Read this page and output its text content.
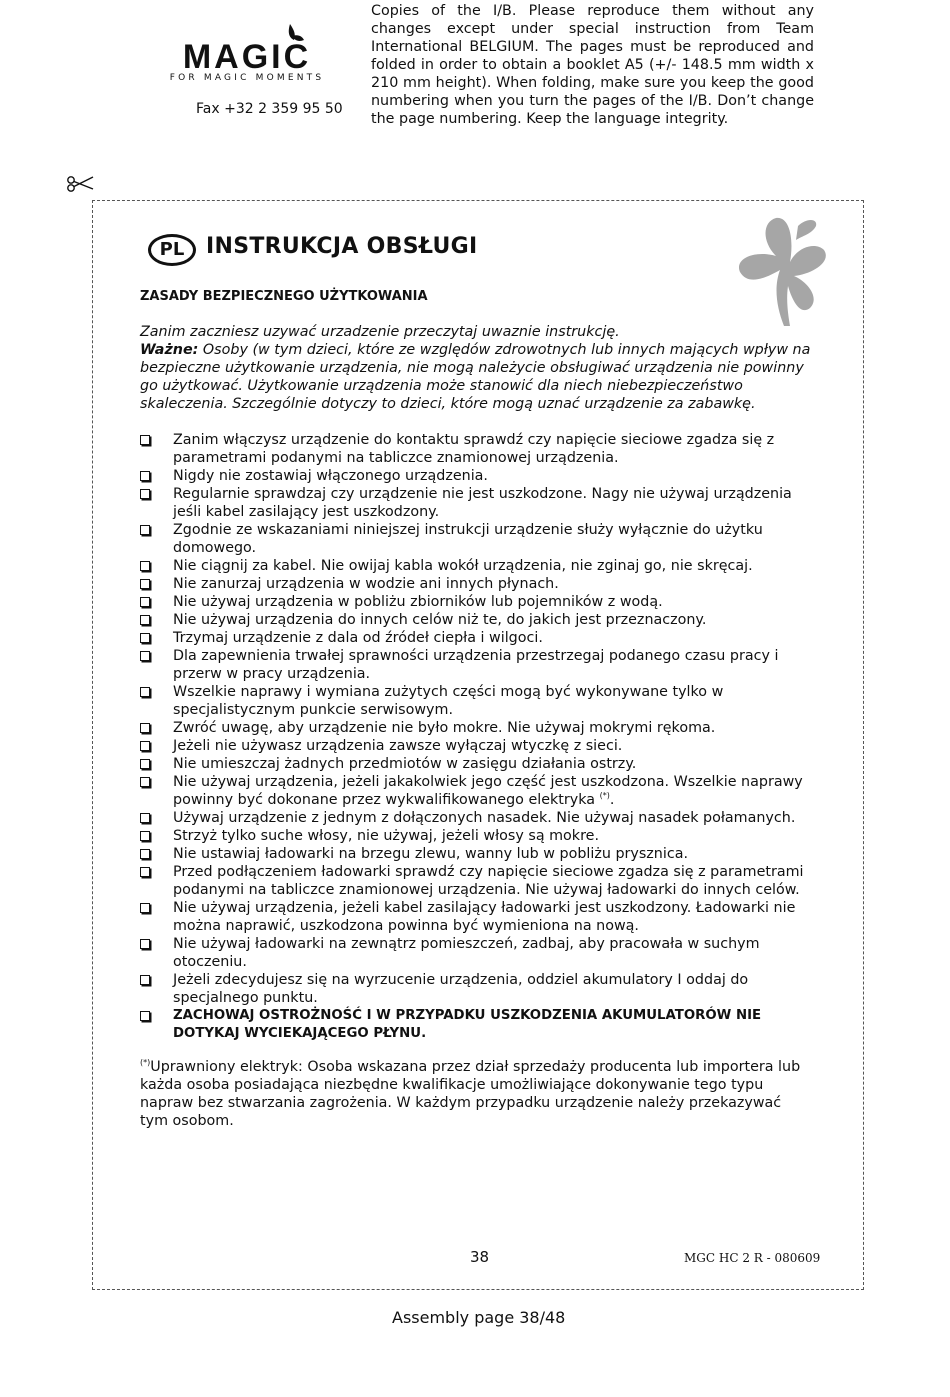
MAGIC
FOR MAGIC MOMENTS
Fax +32 2 359 95 50
Copies of the I/B. Please reproduce them without any changes except under special instruction from Team International BELGIUM. The pages must be reproduced and folded in order to obtain a booklet A5 (+/- 148.5 mm width x 210 mm height). When folding, make sure you keep the good numbering when you turn the pages of the I/B. Don’t change the page numbering. Keep the language integrity.
PL INSTRUKCJA OBSŁUGI
ZASADY BEZPIECZNEGO UŻYTKOWANIA

Zanim zaczniesz uzywać urzadzenie przeczytaj uwaznie instrukcję.

Ważne: Osoby (w tym dzieci, które ze względów zdrowotnych lub innych mających wpływ na bezpieczne użytkowanie urządzenia, nie mogą należycie obsługiwać urządzenia nie powinny go użytkować. Użytkowanie urządzenia może stanowić dla niech niebezpieczeństwo skaleczenia. Szczególnie dotyczy to dzieci, które mogą uznać urządzenie za zabawkę.

Zanim włączysz urządzenie do kontaktu sprawdź czy napięcie sieciowe zgadza się z parametrami podanymi na tabliczce znamionowej urządzenia.
Nigdy nie zostawiaj włączonego urządzenia.
Regularnie sprawdzaj czy urządzenie nie jest uszkodzone. Nagy nie używaj urządzenia jeśli kabel zasilający jest uszkodzony.
Zgodnie ze wskazaniami niniejszej instrukcji urządzenie służy wyłącznie do użytku domowego.
Nie ciągnij za kabel. Nie owijaj kabla wokół urządzenia, nie zginaj go, nie skręcaj.
Nie zanurzaj urządzenia w wodzie ani innych płynach.
Nie używaj urządzenia w pobliżu zbiorników lub pojemników z wodą.
Nie używaj urządzenia do innych celów niż te, do jakich jest przeznaczony.
Trzymaj urządzenie z dala od źródeł ciepła i wilgoci.
Dla zapewnienia trwałej sprawności urządzenia przestrzegaj podanego czasu pracy i przerw w pracy urządzenia.
Wszelkie naprawy i wymiana zużytych części mogą być wykonywane tylko w specjalistycznym punkcie serwisowym.
Zwróć uwagę, aby urządzenie nie było mokre. Nie używaj mokrymi rękoma.
Jeżeli nie używasz urządzenia zawsze wyłączaj wtyczkę z sieci.
Nie umieszczaj żadnych przedmiotów w zasięgu działania ostrzy.
Nie używaj urządzenia, jeżeli jakakolwiek jego część jest uszkodzona. Wszelkie naprawy powinny być dokonane przez wykwalifikowanego elektryka (*).
Używaj urządzenie z jednym z dołączonych nasadek. Nie używaj nasadek połamanych.
Strzyż tylko suche włosy, nie używaj, jeżeli włosy są mokre.
Nie ustawiaj ładowarki na brzegu zlewu, wanny lub w pobliżu prysznica.
Przed podłączeniem ładowarki sprawdź czy napięcie sieciowe zgadza się z parametrami podanymi na tabliczce znamionowej urządzenia. Nie używaj ładowarki do innych celów.
Nie używaj urządzenia, jeżeli kabel zasilający ładowarki jest uszkodzony. Ładowarki nie można naprawić, uszkodzona powinna być wymieniona na nową.
Nie używaj ładowarki na zewnątrz pomieszczeń, zadbaj, aby pracowała w suchym otoczeniu.
Jeżeli zdecydujesz się na wyrzucenie urządzenia, oddziel akumulatory I oddaj do specjalnego punktu.
ZACHOWAJ OSTROŻNOŚĆ I W PRZYPADKU USZKODZENIA AKUMULATORÓW NIE DOTYKAJ WYCIEKAJĄCEGO PŁYNU.
(*)Uprawniony elektryk: Osoba wskazana przez dział sprzedaży producenta lub importera lub każda osoba posiadająca niezbędne kwalifikacje umożliwiające dokonywanie tego typu napraw bez stwarzania zagrożenia. W każdym przypadku urządzenie należy przekazywać tym osobom.
38	MGC HC 2 R - 080609
Assembly page 38/48
